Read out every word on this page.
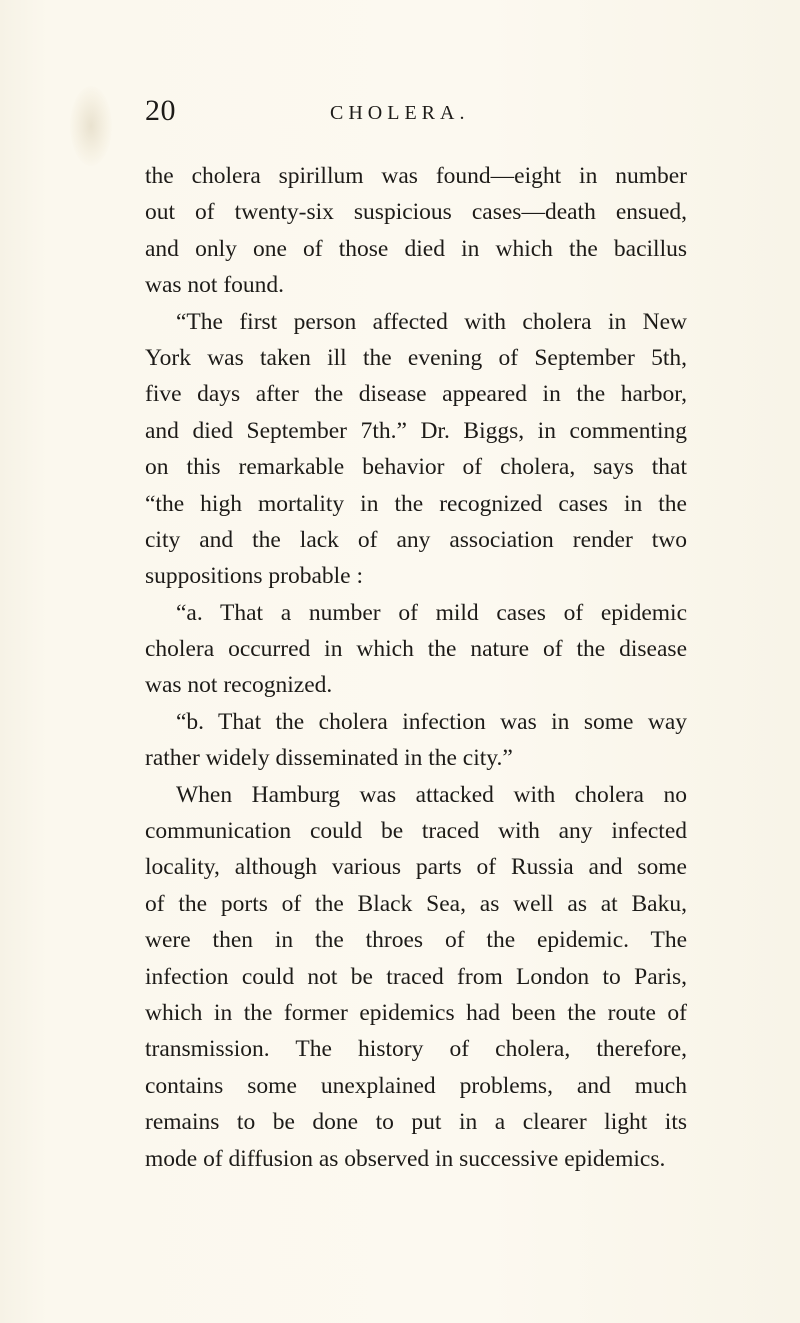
20	CHOLERA.
the cholera spirillum was found—eight in number
out of twenty-six suspicious cases—death ensued,
and only one of those died in which the bacillus
was not found.
“The first person affected with cholera in New
York was taken ill the evening of September 5th,
five days after the disease appeared in the harbor,
and died September 7th.” Dr. Biggs, in commenting
on this remarkable behavior of cholera, says that
“the high mortality in the recognized cases in the
city and the lack of any association render two
suppositions probable :
“a. That a number of mild cases of epidemic
cholera occurred in which the nature of the disease
was not recognized.
“b. That the cholera infection was in some way
rather widely disseminated in the city.”
When Hamburg was attacked with cholera no
communication could be traced with any infected
locality, although various parts of Russia and some
of the ports of the Black Sea, as well as at Baku,
were then in the throes of the epidemic. The
infection could not be traced from London to Paris,
which in the former epidemics had been the route of
transmission. The history of cholera, therefore,
contains some unexplained problems, and much
remains to be done to put in a clearer light its
mode of diffusion as observed in successive epidemics.
